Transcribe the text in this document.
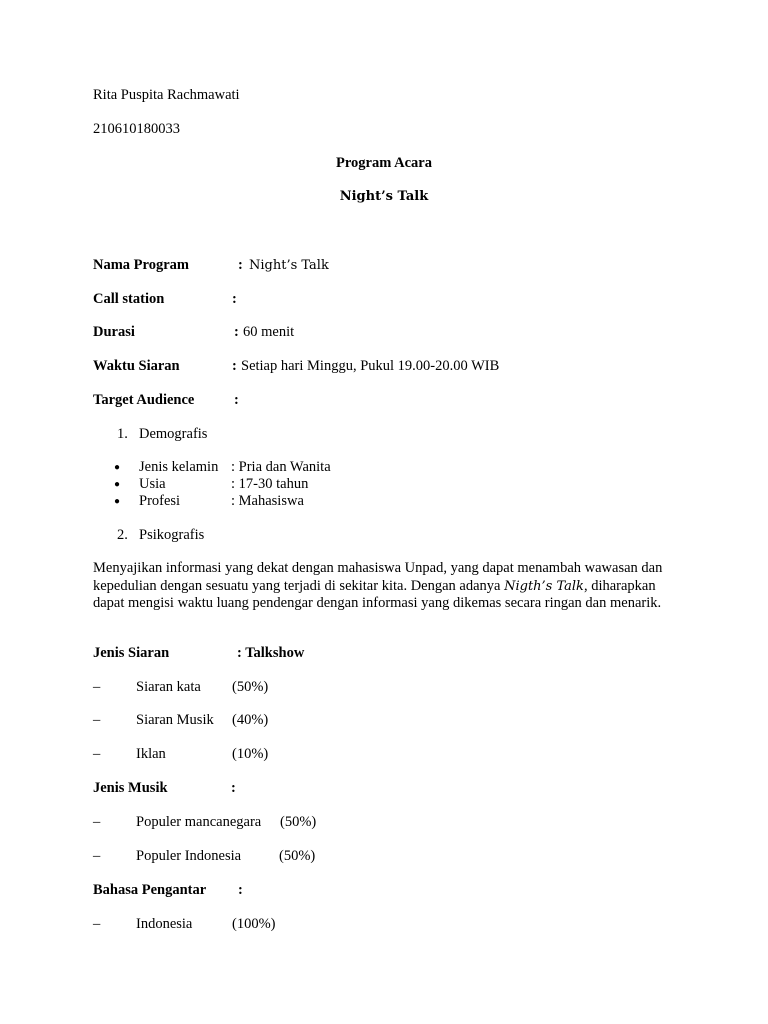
Rita Puspita Rachmawati
210610180033
Program Acara
Night’s Talk
Nama Program	: Night’s Talk
Call station	:
Durasi	: 60 menit
Waktu Siaran	: Setiap hari Minggu, Pukul 19.00-20.00 WIB
Target Audience	:
1. Demografis
● Jenis kelamin : Pria dan Wanita
● Usia	: 17-30 tahun
● Profesi	: Mahasiswa
2. Psikografis
Menyajikan informasi yang dekat dengan mahasiswa Unpad, yang dapat menambah wawasan dan kepedulian dengan sesuatu yang terjadi di sekitar kita. Dengan adanya Nigth’s Talk, diharapkan dapat mengisi waktu luang pendengar dengan informasi yang dikemas secara ringan dan menarik.
Jenis Siaran	: Talkshow
– Siaran kata (50%)
– Siaran Musik (40%)
– Iklan	(10%)
Jenis Musik	:
– Populer mancanegara (50%)
– Populer Indonesia	(50%)
Bahasa Pengantar :
– Indonesia	(100%)
